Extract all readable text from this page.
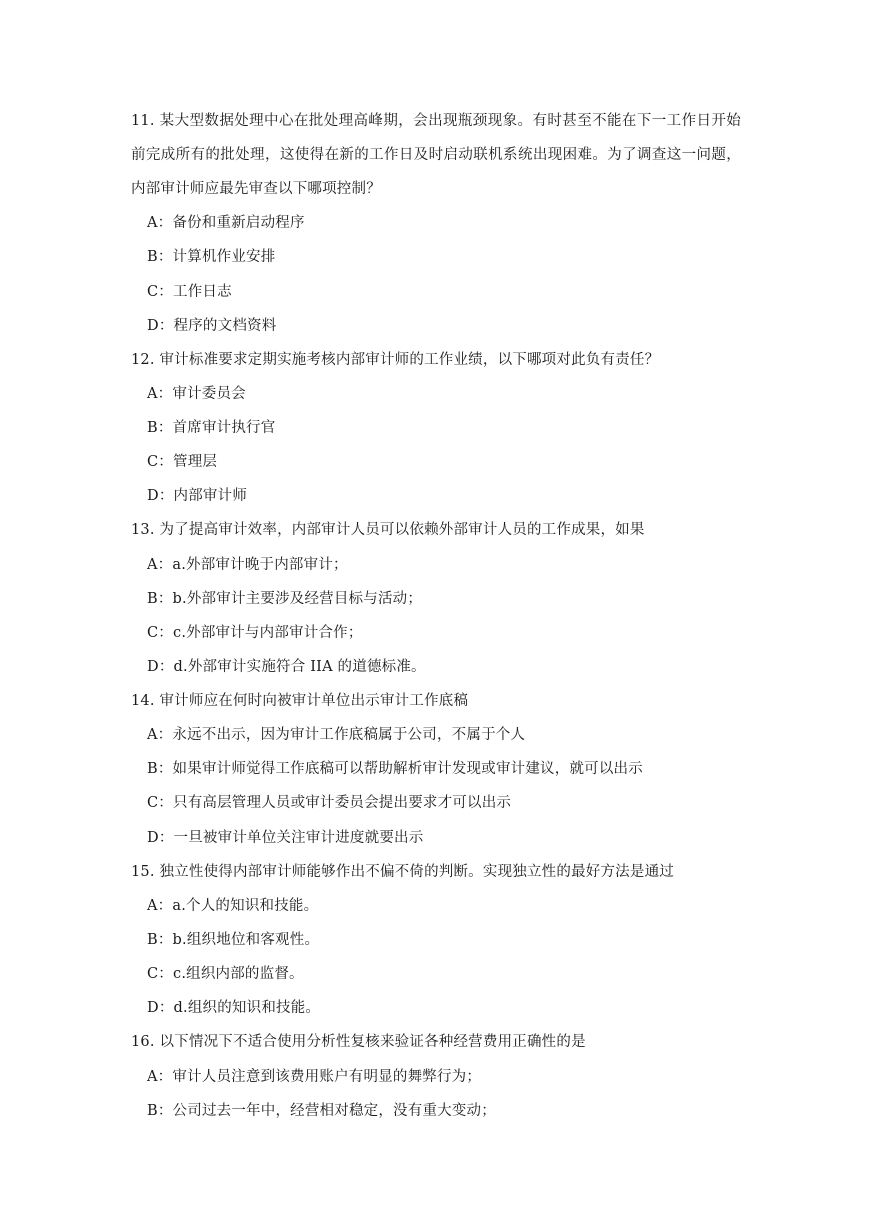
11. 某大型数据处理中心在批处理高峰期，会出现瓶颈现象。有时甚至不能在下一工作日开始前完成所有的批处理，这使得在新的工作日及时启动联机系统出现困难。为了调查这一问题，内部审计师应最先审查以下哪项控制？
A：备份和重新启动程序
B：计算机作业安排
C：工作日志
D：程序的文档资料
12. 审计标准要求定期实施考核内部审计师的工作业绩，以下哪项对此负有责任？
A：审计委员会
B：首席审计执行官
C：管理层
D：内部审计师
13. 为了提高审计效率，内部审计人员可以依赖外部审计人员的工作成果，如果
A：a.外部审计晚于内部审计；
B：b.外部审计主要涉及经营目标与活动；
C：c.外部审计与内部审计合作；
D：d.外部审计实施符合 IIA 的道德标准。
14. 审计师应在何时向被审计单位出示审计工作底稿
A：永远不出示，因为审计工作底稿属于公司，不属于个人
B：如果审计师觉得工作底稿可以帮助解析审计发现或审计建议，就可以出示
C：只有高层管理人员或审计委员会提出要求才可以出示
D：一旦被审计单位关注审计进度就要出示
15. 独立性使得内部审计师能够作出不偏不倚的判断。实现独立性的最好方法是通过
A：a.个人的知识和技能。
B：b.组织地位和客观性。
C：c.组织内部的监督。
D：d.组织的知识和技能。
16. 以下情况下不适合使用分析性复核来验证各种经营费用正确性的是
A：审计人员注意到该费用账户有明显的舞弊行为；
B：公司过去一年中，经营相对稳定，没有重大变动；
